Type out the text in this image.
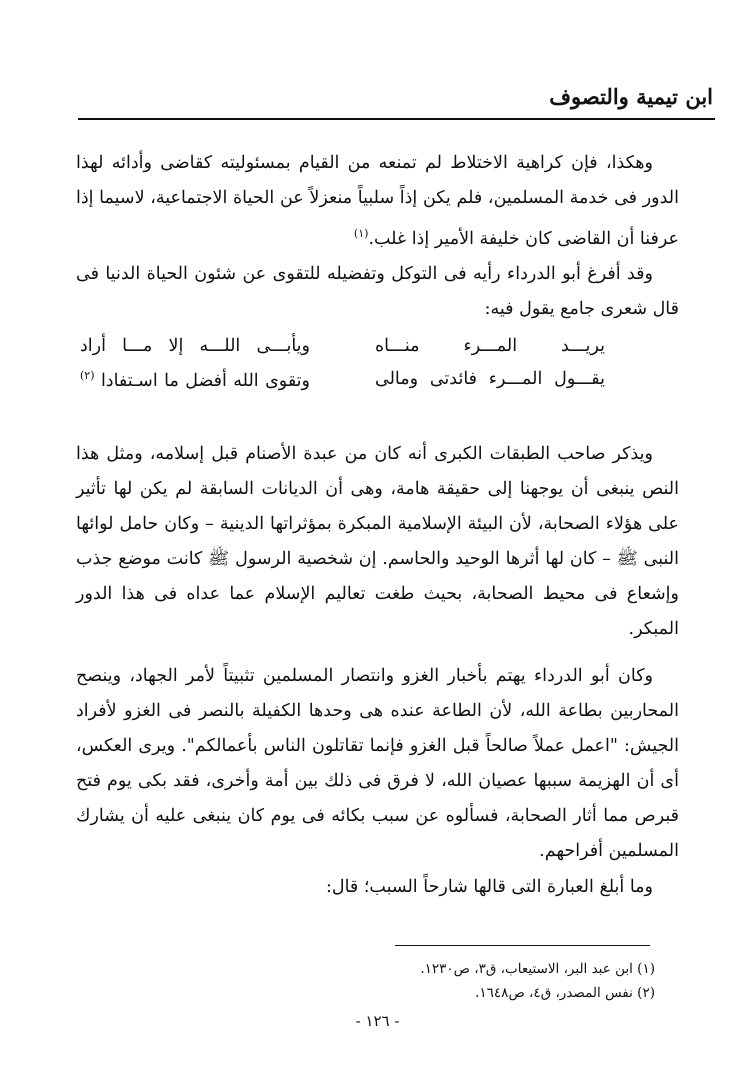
ابن تيمية والتصوف

وهكذا، فإن كراهية الاختلاط لم تمنعه من القيام بمسئوليته كقاضى وأدائه لهذا الدور فى خدمة المسلمين، فلم يكن إذاً سلبياً منعزلاً عن الحياة الاجتماعية، لاسيما إذا عرفنا أن القاضى كان خليفة الأمير إذا غلب.$^{(١)}$

وقد أفرغ أبو الدرداء رأيه فى التوكل وتفضيله للتقوى عن شئون الحياة الدنيا فى قال شعرى جامع يقول فيه:

يريـــد المـــرء منـــاه
ويأبـــى اللـــه إلا مـــا أراد
يقـــول المـــرء فائدتى ومالى
وتقوى الله أفضل ما اسـتفادا $^{(٢)}$

ويذكر صاحب الطبقات الكبرى أنه كان من عبدة الأصنام قبل إسلامه، ومثل هذا النص ينبغى أن يوجهنا إلى حقيقة هامة، وهى أن الديانات السابقة لم يكن لها تأثير على هؤلاء الصحابة، لأن البيئة الإسلامية المبكرة بمؤثراتها الدينية – وكان حامل لوائها النبى ﷺ – كان لها أثرها الوحيد والحاسم. إن شخصية الرسول ﷺ كانت موضع جذب وإشعاع فى محيط الصحابة، بحيث طغت تعاليم الإسلام عما عداه فى هذا الدور المبكر.

وكان أبو الدرداء يهتم بأخبار الغزو وانتصار المسلمين تثبيتاً لأمر الجهاد، وينصح المحاربين بطاعة الله، لأن الطاعة عنده هى وحدها الكفيلة بالنصر فى الغزو لأفراد الجيش: "اعمل عملاً صالحاً قبل الغزو فإنما تقاتلون الناس بأعمالكم". ويرى العكس، أى أن الهزيمة سببها عصيان الله، لا فرق فى ذلك بين أمة وأخرى، فقد بكى يوم فتح قبرص مما أثار الصحابة، فسألوه عن سبب بكائه فى يوم كان ينبغى عليه أن يشارك المسلمين أفراحهم.

وما أبلغ العبارة التى قالها شارحاً السبب؛ قال:

(١) ابن عبد البر، الاستيعاب، ق٣، ص١٢٣٠.
(٢) نفس المصدر، ق٤، ص١٦٤٨.
- ١٢٦ -
